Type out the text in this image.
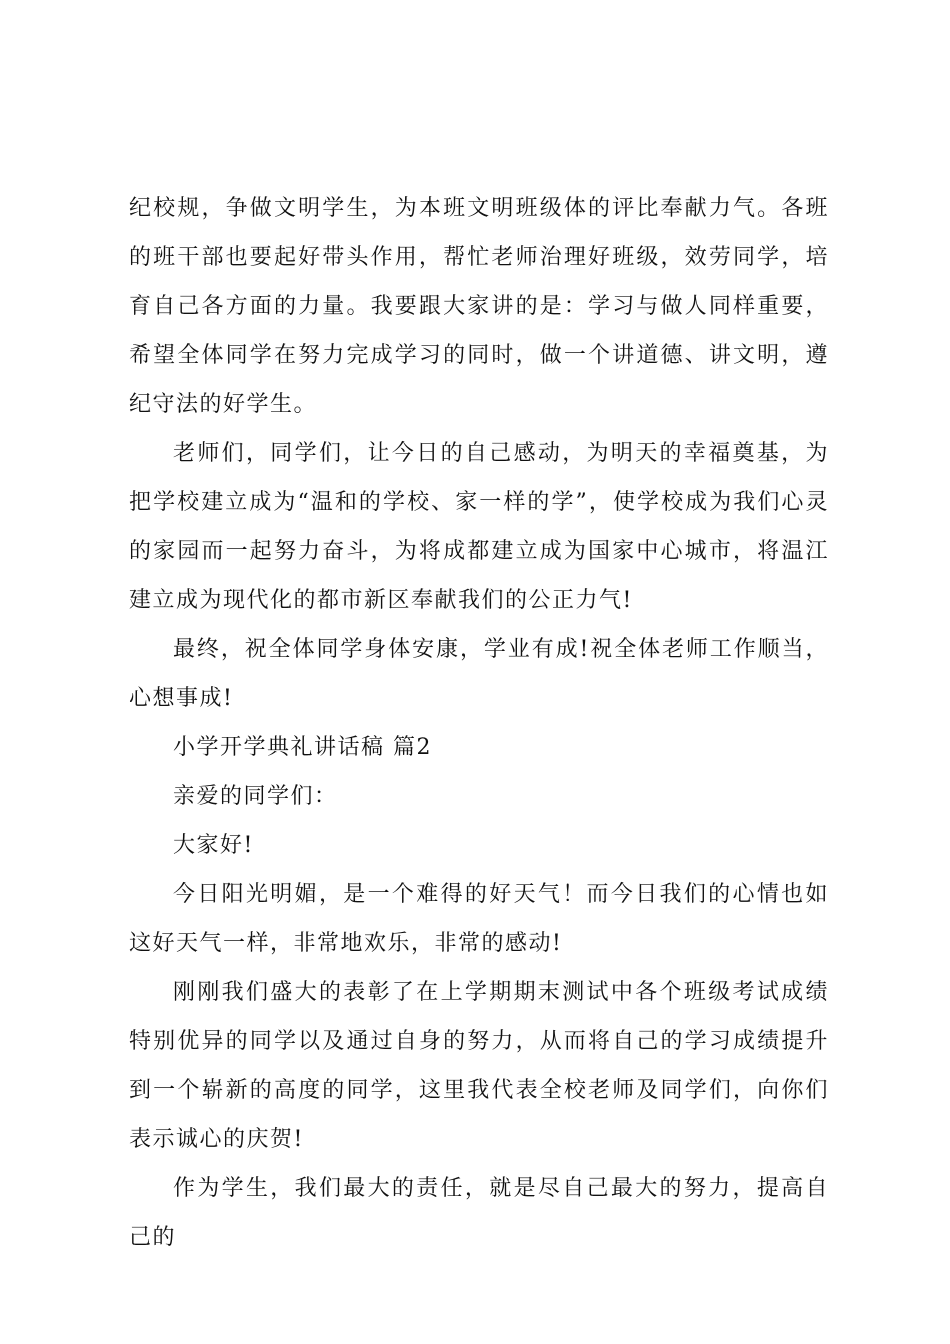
纪校规，争做文明学生，为本班文明班级体的评比奉献力气。各班的班干部也要起好带头作用，帮忙老师治理好班级，效劳同学，培育自己各方面的力量。我要跟大家讲的是：学习与做人同样重要，希望全体同学在努力完成学习的同时，做一个讲道德、讲文明，遵纪守法的好学生。

老师们，同学们，让今日的自己感动，为明天的幸福奠基，为把学校建立成为“温和的学校、家一样的学”，使学校成为我们心灵的家园而一起努力奋斗，为将成都建立成为国家中心城市，将温江建立成为现代化的都市新区奉献我们的公正力气!

最终，祝全体同学身体安康，学业有成!祝全体老师工作顺当，心想事成!

小学开学典礼讲话稿 篇2

亲爱的同学们：

大家好!

今日阳光明媚，是一个难得的好天气！而今日我们的心情也如这好天气一样，非常地欢乐，非常的感动!

刚刚我们盛大的表彰了在上学期期末测试中各个班级考试成绩特别优异的同学以及通过自身的努力，从而将自己的学习成绩提升到一个崭新的高度的同学，这里我代表全校老师及同学们，向你们表示诚心的庆贺!

作为学生，我们最大的责任，就是尽自己最大的努力，提高自己的
